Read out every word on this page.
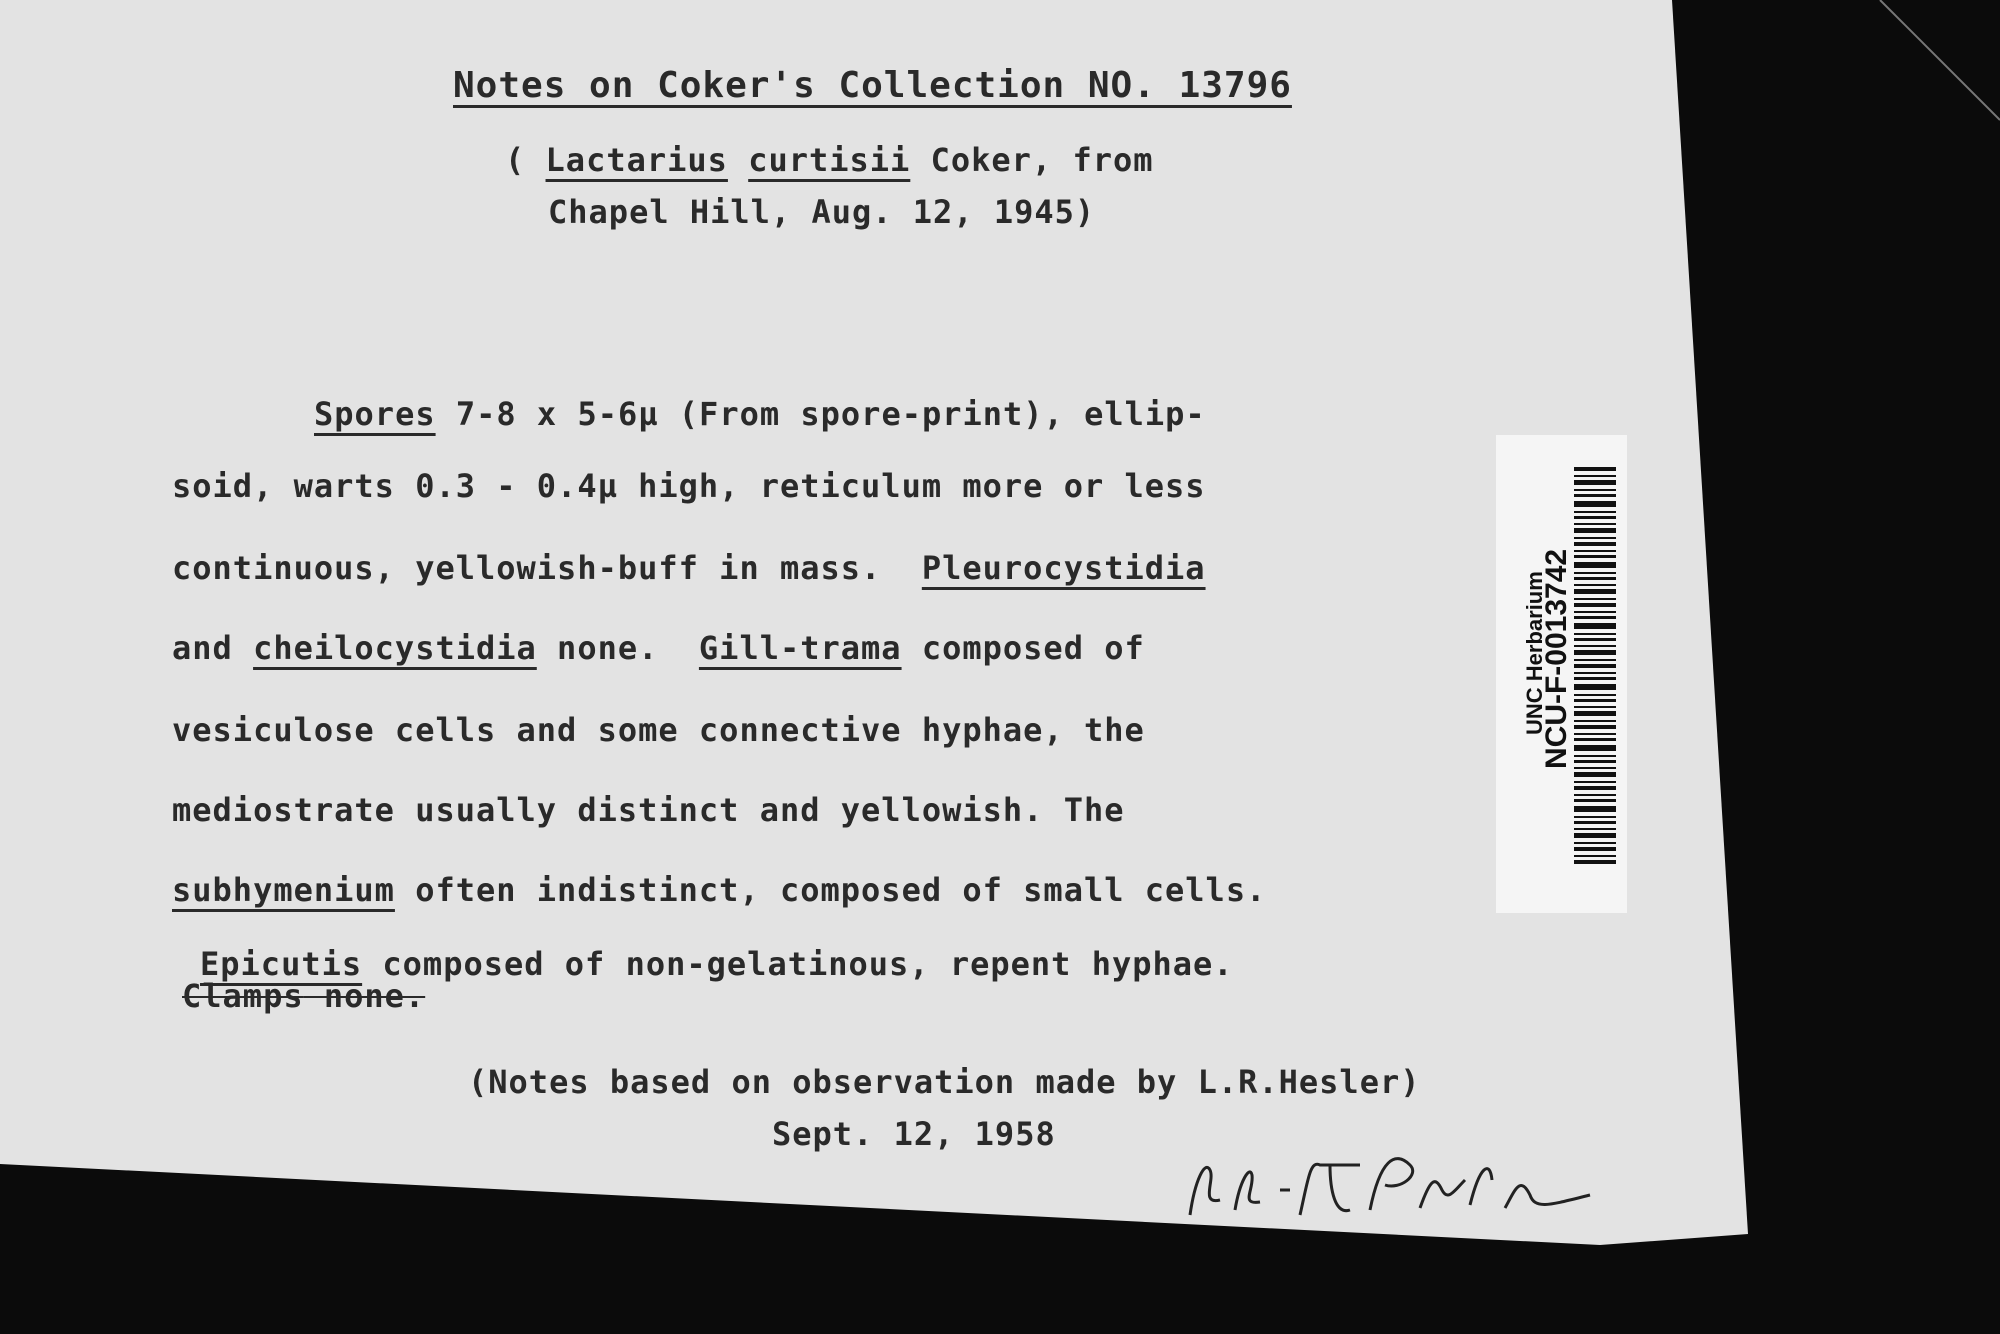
Notes on Coker's Collection NO. 13796
( Lactarius curtisii Coker, from
Chapel Hill, Aug. 12, 1945)
Spores 7-8 x 5-6µ (From spore-print), ellip-
soid, warts 0.3 - 0.4µ high, reticulum more or less
continuous, yellowish-buff in mass.  Pleurocystidia
and cheilocystidia none.  Gill-trama composed of
vesiculose cells and some connective hyphae, the
mediostrate usually distinct and yellowish. The
subhymenium often indistinct, composed of small cells.
Epicutis composed of non-gelatinous, repent hyphae.
Clamps none.
(Notes based on observation made by L.R.Hesler)
Sept. 12, 1958
UNC Herbarium
NCU-F-0013742
